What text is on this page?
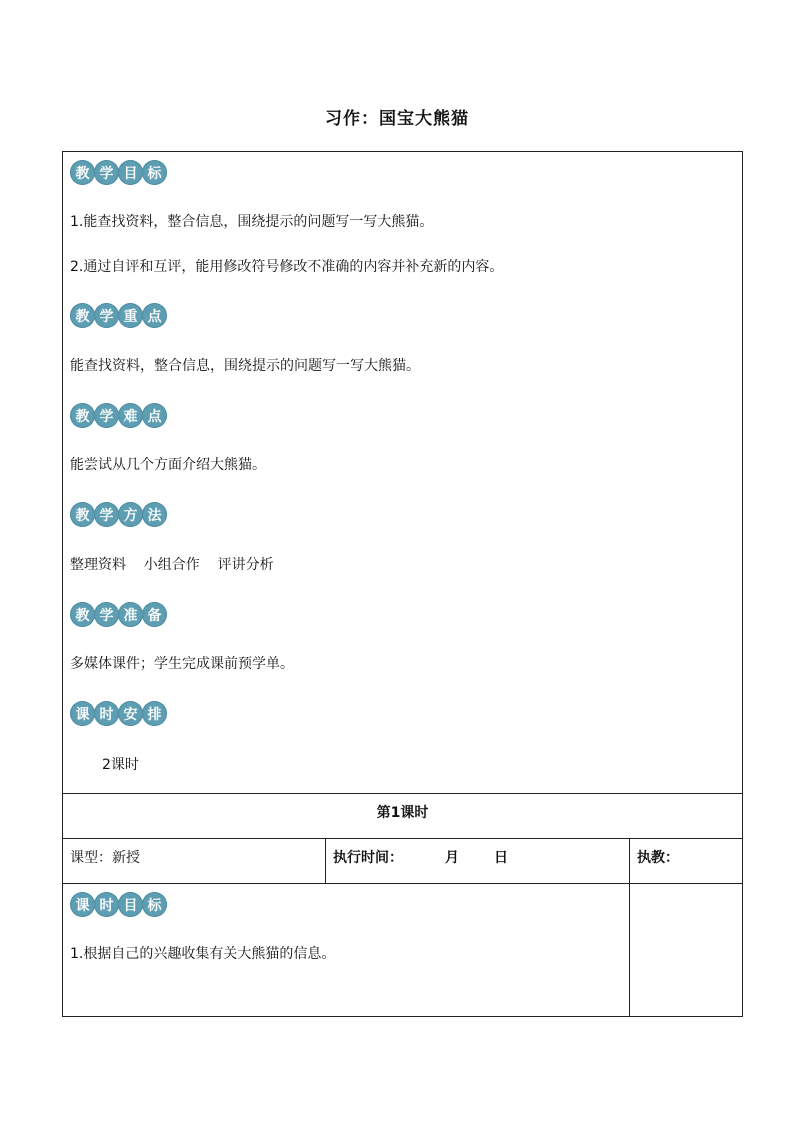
习作：国宝大熊猫
教 学 目 标
1.能查找资料，整合信息，围绕提示的问题写一写大熊猫。
2.通过自评和互评，能用修改符号修改不准确的内容并补充新的内容。
教 学 重 点
能查找资料，整合信息，围绕提示的问题写一写大熊猫。
教 学 难 点
能尝试从几个方面介绍大熊猫。
教 学 方 法
整理资料    小组合作    评讲分析
教 学 准 备
多媒体课件；学生完成课前预学单。
课 时 安 排
2课时
第1课时
课型：新授	执行时间：	月	日	执教：
课 时 目 标
1.根据自己的兴趣收集有关大熊猫的信息。
